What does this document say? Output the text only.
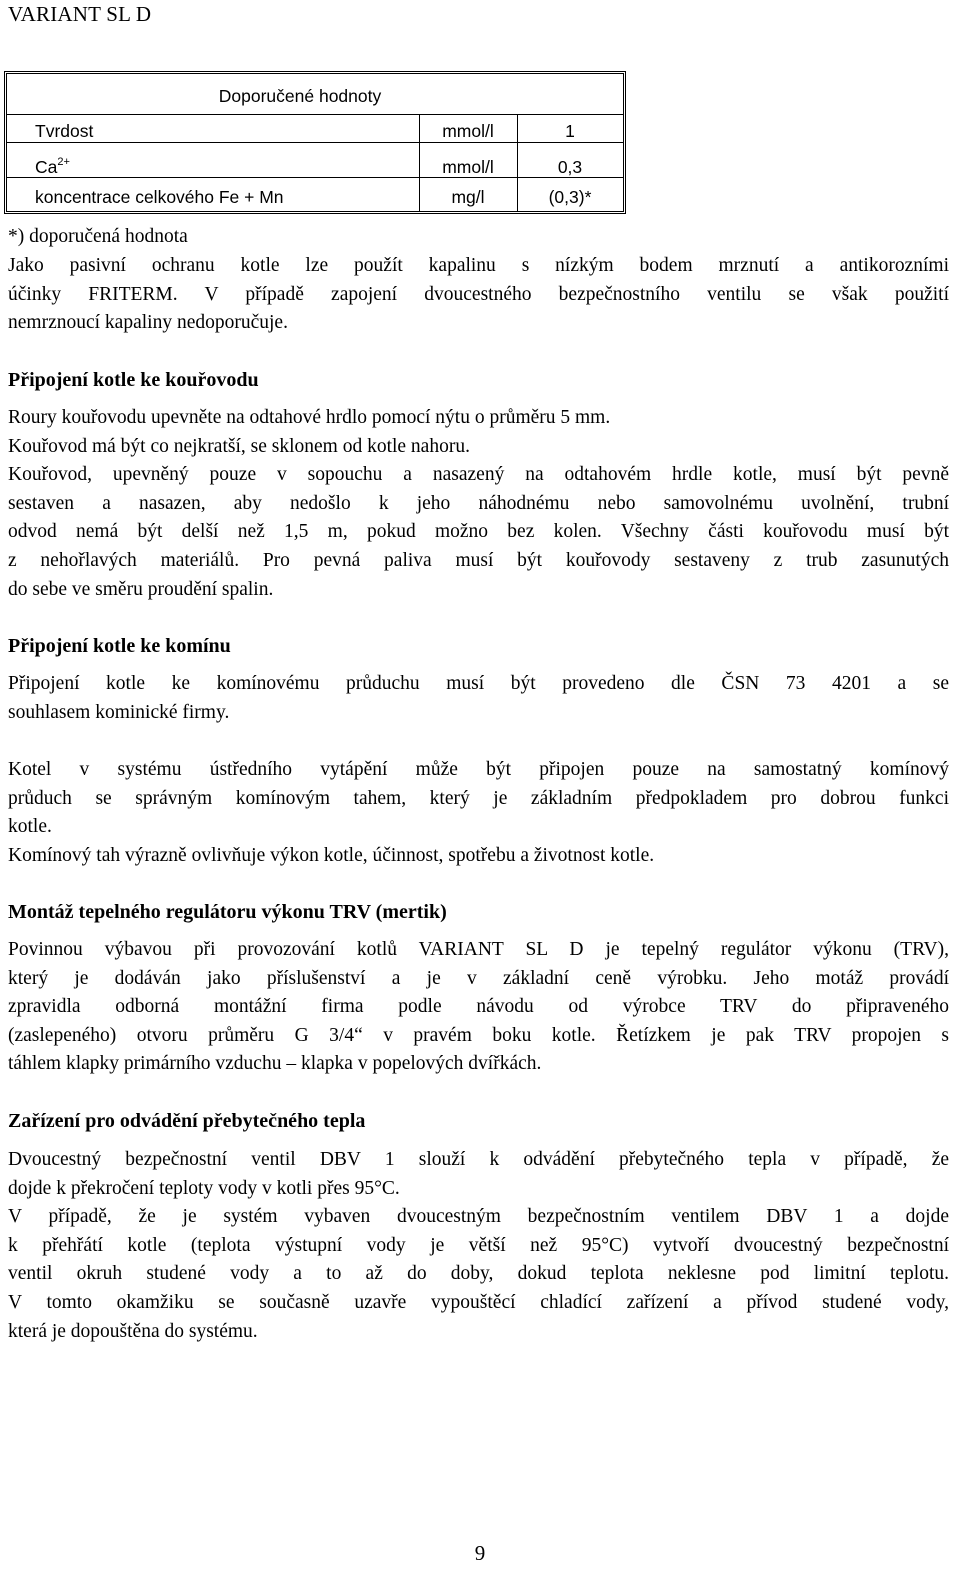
VARIANT SL D
Doporučené hodnoty
Tvrdost	mmol/l	1
$Ca^{2+}$	mmol/l	0,3
koncentrace celkového Fe + Mn	mg/l	(0,3)*
*) doporučená hodnota
Jako pasivní ochranu kotle lze použít kapalinu s nízkým bodem mrznutí a antikorozními
účinky FRITERM. V případě zapojení dvoucestného bezpečnostního ventilu se však použití
nemrznoucí kapaliny nedoporučuje.
Připojení kotle ke kouřovodu
Roury kouřovodu upevněte na odtahové hrdlo pomocí nýtu o průměru 5 mm.
Kouřovod má být co nejkratší, se sklonem od kotle nahoru.
Kouřovod, upevněný pouze v sopouchu a nasazený na odtahovém hrdle kotle, musí být pevně
sestaven a nasazen, aby nedošlo k jeho náhodnému nebo samovolnému uvolnění, trubní
odvod nemá být delší než 1,5 m, pokud možno bez kolen. Všechny části kouřovodu musí být
z nehořlavých materiálů. Pro pevná paliva musí být kouřovody sestaveny z trub zasunutých
do sebe ve směru proudění spalin.
Připojení kotle ke komínu
Připojení kotle ke komínovému průduchu musí být provedeno dle ČSN 73 4201 a se
souhlasem kominické firmy.
Kotel v systému ústředního vytápění může být připojen pouze na samostatný komínový
průduch se správným komínovým tahem, který je základním předpokladem pro dobrou funkci
kotle.
Komínový tah výrazně ovlivňuje výkon kotle, účinnost, spotřebu a životnost kotle.
Montáž tepelného regulátoru výkonu TRV (mertik)
Povinnou výbavou při provozování kotlů VARIANT SL D je tepelný regulátor výkonu (TRV),
který je dodáván jako příslušenství a je v základní ceně výrobku. Jeho motáž provádí
zpravidla odborná montážní firma podle návodu od výrobce TRV do připraveného
(zaslepeného) otvoru průměru G 3/4“ v pravém boku kotle. Řetízkem je pak TRV propojen s
táhlem klapky primárního vzduchu – klapka v popelových dvířkách.
Zařízení pro odvádění přebytečného tepla
Dvoucestný bezpečnostní ventil DBV 1 slouží k odvádění přebytečného tepla v případě, že
dojde k překročení teploty vody v kotli přes 95°C.
V případě, že je systém vybaven dvoucestným bezpečnostním ventilem DBV 1 a dojde
k přehřátí kotle (teplota výstupní vody je větší než 95°C) vytvoří dvoucestný bezpečnostní
ventil okruh studené vody a to až do doby, dokud teplota neklesne pod limitní teplotu.
V tomto okamžiku se současně uzavře vypouštěcí chladící zařízení a přívod studené vody,
která je dopouštěna do systému.
9
